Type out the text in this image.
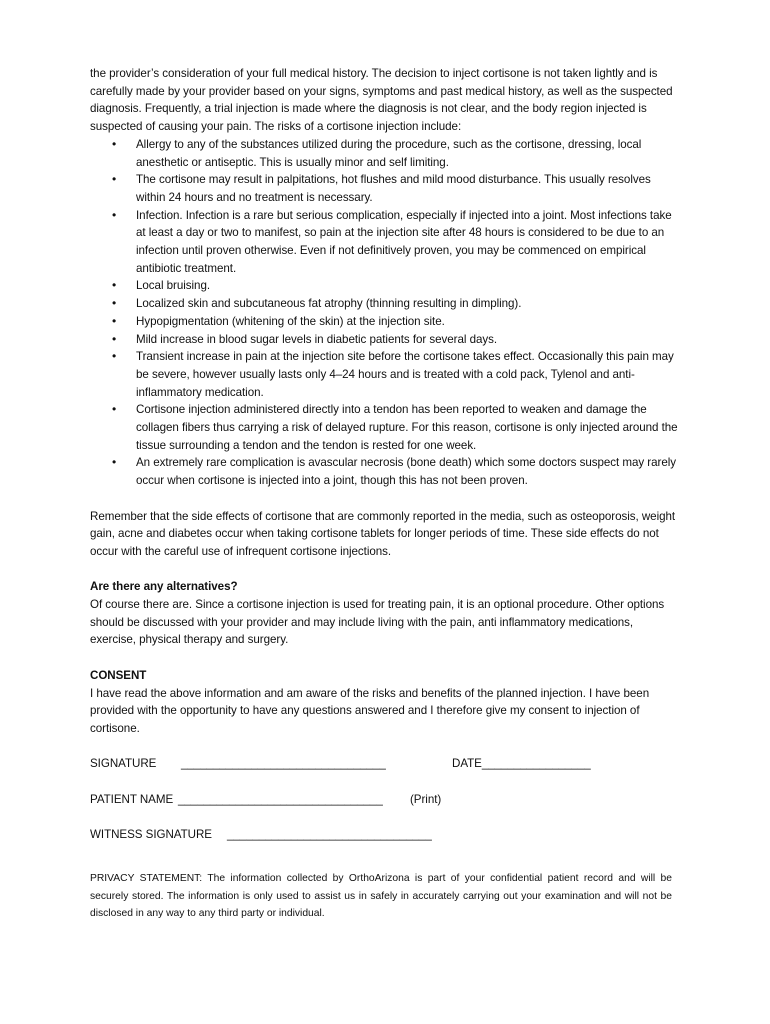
the provider’s consideration of your full medical history. The decision to inject cortisone is not taken lightly and is carefully made by your provider based on your signs, symptoms and past medical history, as well as the suspected diagnosis. Frequently, a trial injection is made where the diagnosis is not clear, and the body region injected is suspected of causing your pain. The risks of a cortisone injection include:

• Allergy to any of the substances utilized during the procedure, such as the cortisone, dressing, local anesthetic or antiseptic. This is usually minor and self limiting.
• The cortisone may result in palpitations, hot flushes and mild mood disturbance. This usually resolves within 24 hours and no treatment is necessary.
• Infection. Infection is a rare but serious complication, especially if injected into a joint. Most infections take at least a day or two to manifest, so pain at the injection site after 48 hours is considered to be due to an infection until proven otherwise. Even if not definitively proven, you may be commenced on empirical antibiotic treatment.
• Local bruising.
• Localized skin and subcutaneous fat atrophy (thinning resulting in dimpling).
• Hypopigmentation (whitening of the skin) at the injection site.
• Mild increase in blood sugar levels in diabetic patients for several days.
• Transient increase in pain at the injection site before the cortisone takes effect. Occasionally this pain may be severe, however usually lasts only 4–24 hours and is treated with a cold pack, Tylenol and anti-inflammatory medication.
• Cortisone injection administered directly into a tendon has been reported to weaken and damage the collagen fibers thus carrying a risk of delayed rupture. For this reason, cortisone is only injected around the tissue surrounding a tendon and the tendon is rested for one week.
• An extremely rare complication is avascular necrosis (bone death) which some doctors suspect may rarely occur when cortisone is injected into a joint, though this has not been proven.

Remember that the side effects of cortisone that are commonly reported in the media, such as osteoporosis, weight gain, acne and diabetes occur when taking cortisone tablets for longer periods of time. These side effects do not occur with the careful use of infrequent cortisone injections.

Are there any alternatives?

Of course there are. Since a cortisone injection is used for treating pain, it is an optional procedure. Other options should be discussed with your provider and may include living with the pain, anti inflammatory medications, exercise, physical therapy and surgery.

CONSENT

I have read the above information and am aware of the risks and benefits of the planned injection. I have been provided with the opportunity to have any questions answered and I therefore give my consent to injection of cortisone.

SIGNATURE ________________________________	DATE_________________
PATIENT NAME ________________________________ (Print)
WITNESS SIGNATURE ________________________________

PRIVACY STATEMENT: The information collected by OrthoArizona is part of your confidential patient record and will be securely stored. The information is only used to assist us in safely in accurately carrying out your examination and will not be disclosed in any way to any third party or individual.
